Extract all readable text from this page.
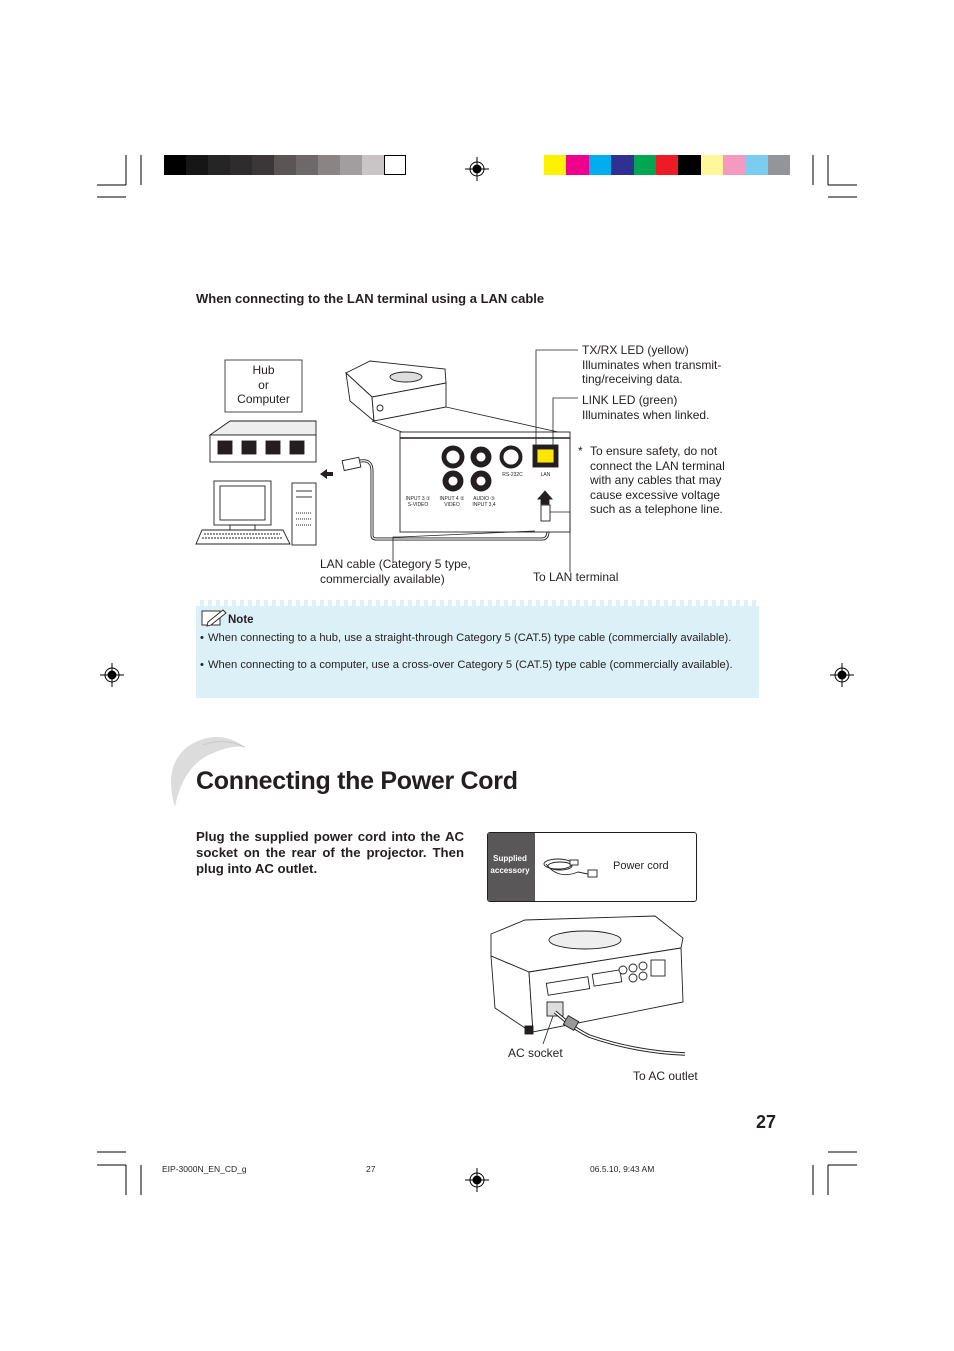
When connecting to the LAN terminal using a LAN cable
Hub
or
Computer
INPUT 3 ①
S-VIDEO
INPUT 4 ②
VIDEO
AUDIO ③
INPUT 3,4
RS-232C	LAN
TX/RX LED (yellow)
Illuminates when transmit-
ting/receiving data.
LINK LED (green)
Illuminates when linked.
* To ensure safety, do not connect the LAN terminal with any cables that may cause excessive voltage such as a telephone line.
LAN cable (Category 5 type,
commercially available)	To LAN terminal
Note
• When connecting to a hub, use a straight-through Category 5 (CAT.5) type cable (commercially available).
• When connecting to a computer, use a cross-over Category 5 (CAT.5) type cable (commercially available).
Connecting the Power Cord
Plug the supplied power cord into the AC socket on the rear of the projector. Then plug into AC outlet.
Supplied
accessory	Power cord
AC socket
To AC outlet
27
EIP-3000N_EN_CD_g	27	06.5.10, 9:43 AM
